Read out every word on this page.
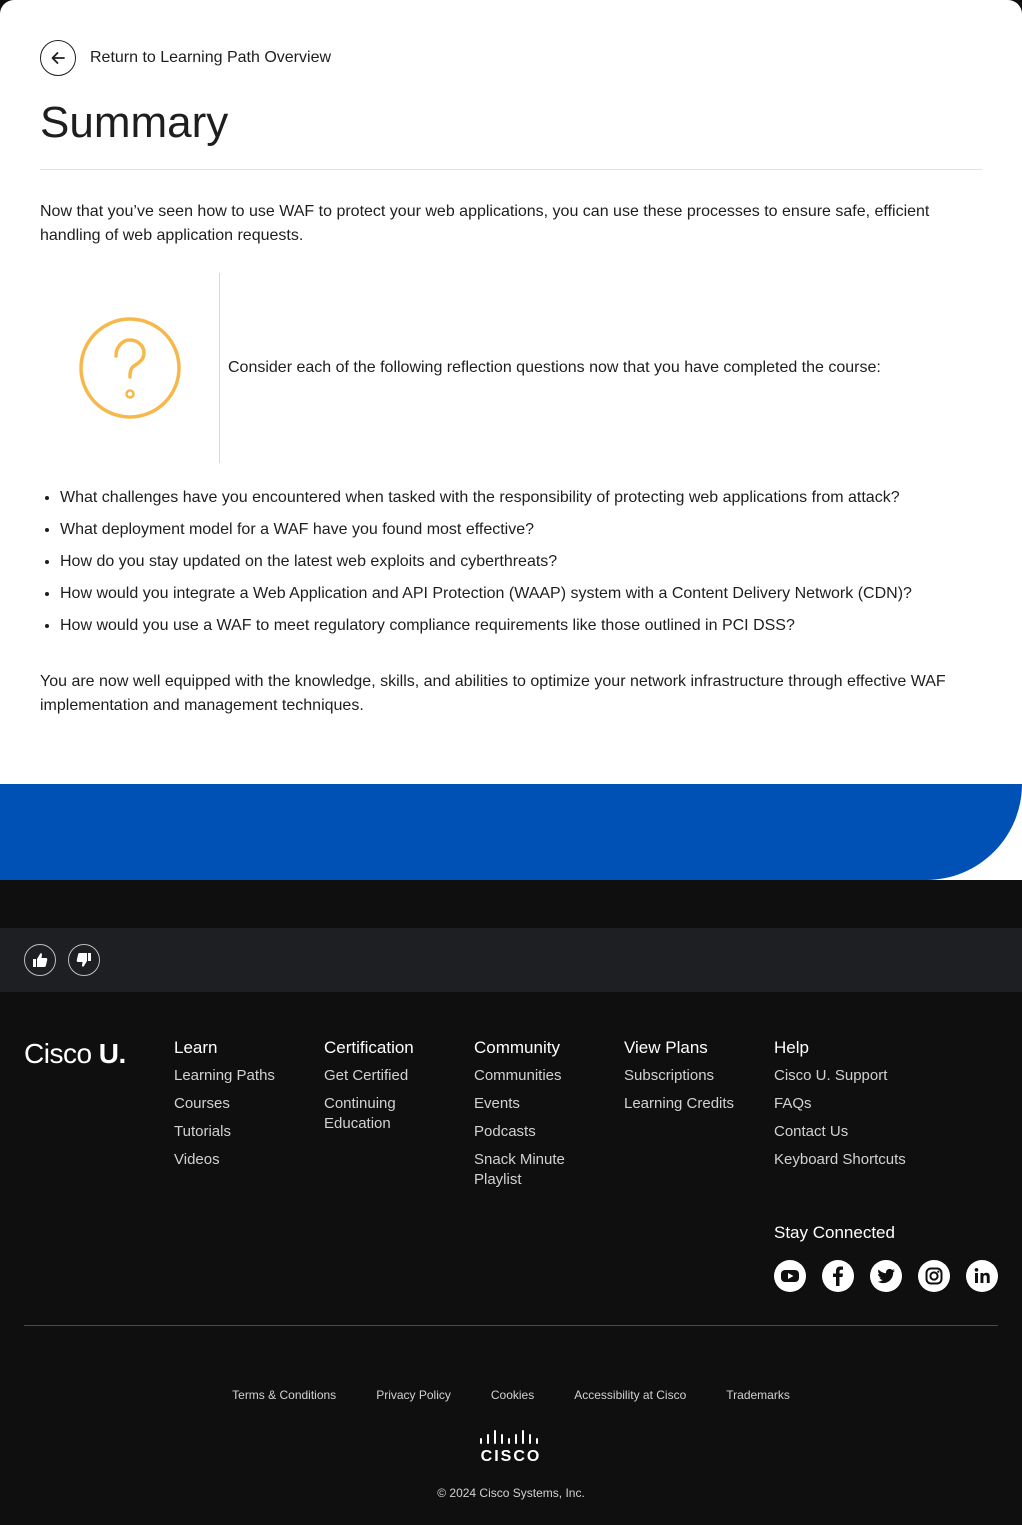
Return to Learning Path Overview
Summary

Now that you’ve seen how to use WAF to protect your web applications, you can use these processes to ensure safe, efficient handling of web application requests.

Consider each of the following reflection questions now that you have completed the course:

• What challenges have you encountered when tasked with the responsibility of protecting web applications from attack?
• What deployment model for a WAF have you found most effective?
• How do you stay updated on the latest web exploits and cyberthreats?
• How would you integrate a Web Application and API Protection (WAAP) system with a Content Delivery Network (CDN)?
• How would you use a WAF to meet regulatory compliance requirements like those outlined in PCI DSS?

You are now well equipped with the knowledge, skills, and abilities to optimize your network infrastructure through effective WAF implementation and management techniques.

Cisco U.	Learn
Learning Paths
Courses
Tutorials
Videos
Certification
Get Certified
Continuing Education
Community
Communities
Events
Podcasts
Snack Minute Playlist
View Plans
Subscriptions
Learning Credits
Help
Cisco U. Support
FAQs
Contact Us
Keyboard Shortcuts
Stay Connected
Terms & Conditions	Privacy Policy	Cookies	Accessibility at Cisco	Trademarks
CISCO
© 2024 Cisco Systems, Inc.
